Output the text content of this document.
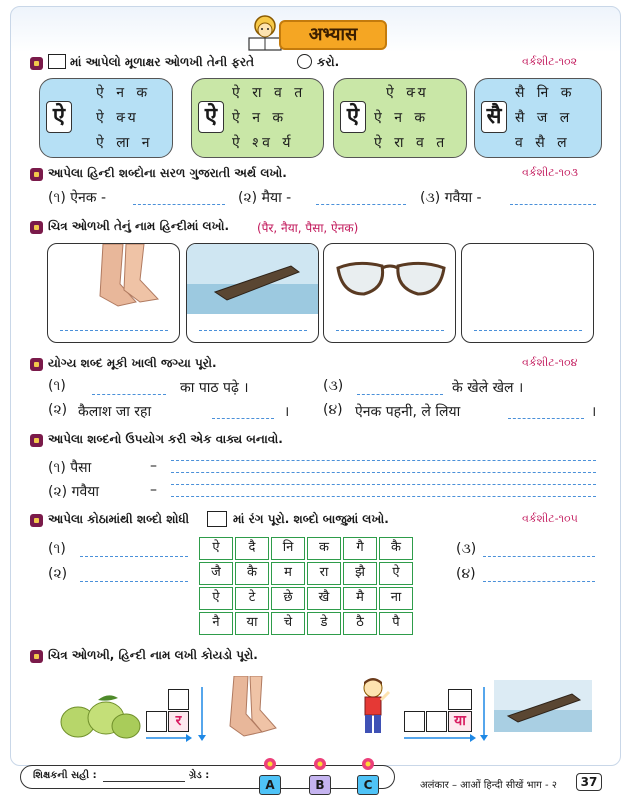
अभ्यास
માં આપેલો મૂળાક્ષર ઓળખી તેની ફરતે	કરો.	વર્કશીટ-૧૦૨
ऐ
ऐ न क
ऐ क्य
ऐ ला न
ऐ
ऐ रा व त
ऐ न क
ऐ श्व र्य
ऐ
ऐ क्य
ऐ न क
ऐ रा व त
सै
सै नि क
सै ज ल
व सै ल
આપેલા હિન્દી શબ્દોના સરળ ગુજરાતી અર્થ લખો.	વર્કશીટ-૧૦૩
(૧) ऐनक -	(૨) मैया -	(૩) गवैया -
ચિત્ર ઓળખી તેનું નામ હિન્દીમાં લખો. (पैर, नैया, पैसा, ऐनक)
યોગ્ય શબ્દ મૂકી ખાલી જગ્યા પૂરો.	વર્કશીટ-૧૦૪
(૧)	का पाठ पढ़े ।	(૩)	के खेले खेल ।
(૨) कैलाश जा रहा	। (૪) ऐनक पहनी, ले लिया	।
આપેલા શબ્દનો ઉપયોગ કરી એક વાક્ય બનાવો.
(૧) पैसा	–
(૨) गवैया	–
આપેલા કોઠામાંથી શબ્દો શોધી	માં રંગ પૂરો. શબ્દો બાજુમાં લખો.	વર્કશીટ-૧૦૫
(૧)
(૨)
(૩)
(૪)
ऐ	दै	नि	क	गै	कै
जै	कै	म	रा	झै	ऐ
ऐ	टे	छे	खै	मै	ना
नै	या	चे	डे	ठै	पै
ચિત્ર ઓળખી, હિન્દી નામ લખી કોયડો પૂરો.
र	या
શિક્ષકની સહી :	ગ્રેડ :
A	B	C	अलंकार – आओं हिन्दी सीखें भाग - २	37
